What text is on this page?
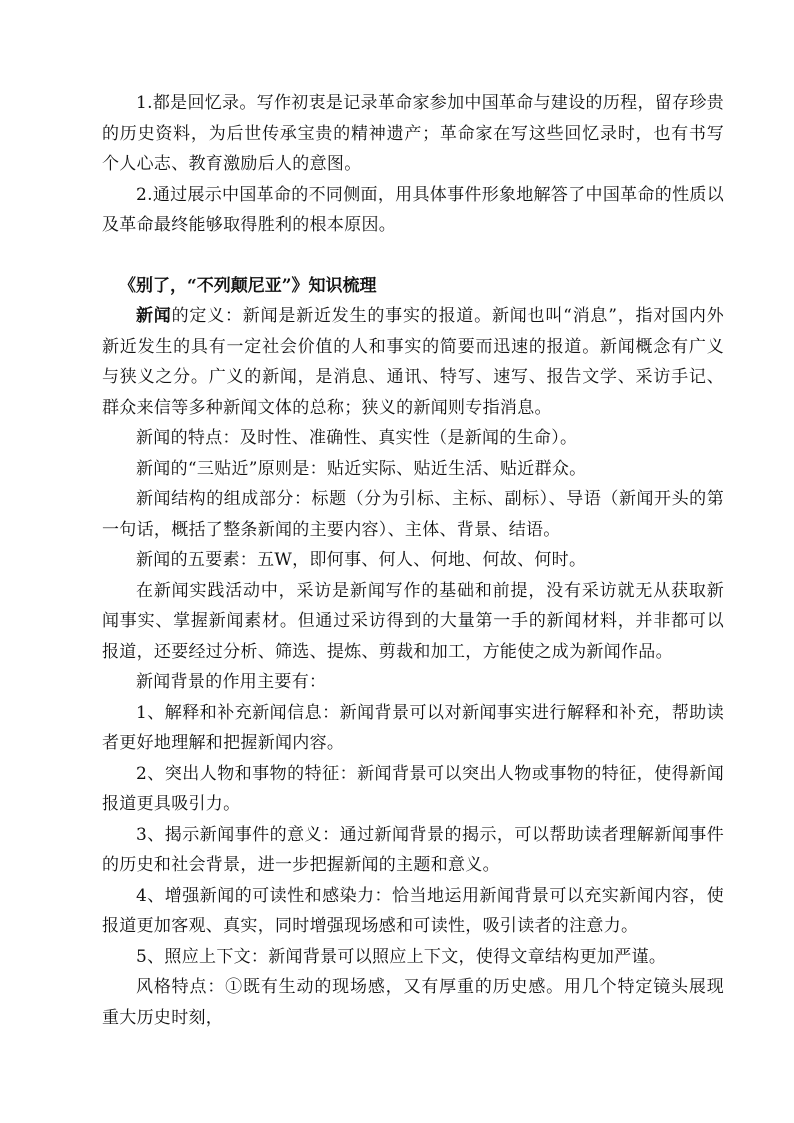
1.都是回忆录。写作初衷是记录革命家参加中国革命与建设的历程，留存珍贵的历史资料，为后世传承宝贵的精神遗产；革命家在写这些回忆录时，也有书写个人心志、教育激励后人的意图。

2.通过展示中国革命的不同侧面，用具体事件形象地解答了中国革命的性质以及革命最终能够取得胜利的根本原因。

《别了，“不列颠尼亚”》知识梳理

新闻的定义：新闻是新近发生的事实的报道。新闻也叫“消息”，指对国内外新近发生的具有一定社会价值的人和事实的简要而迅速的报道。新闻概念有广义与狭义之分。广义的新闻，是消息、通讯、特写、速写、报告文学、采访手记、群众来信等多种新闻文体的总称；狭义的新闻则专指消息。

新闻的特点：及时性、准确性、真实性（是新闻的生命）。

新闻的“三贴近”原则是：贴近实际、贴近生活、贴近群众。

新闻结构的组成部分：标题（分为引标、主标、副标）、导语（新闻开头的第一句话，概括了整条新闻的主要内容）、主体、背景、结语。

新闻的五要素：五W，即何事、何人、何地、何故、何时。

在新闻实践活动中，采访是新闻写作的基础和前提，没有采访就无从获取新闻事实、掌握新闻素材。但通过采访得到的大量第一手的新闻材料，并非都可以报道，还要经过分析、筛选、提炼、剪裁和加工，方能使之成为新闻作品。

新闻背景的作用主要有：

1、解释和补充新闻信息：新闻背景可以对新闻事实进行解释和补充，帮助读者更好地理解和把握新闻内容。

2、突出人物和事物的特征：新闻背景可以突出人物或事物的特征，使得新闻报道更具吸引力。

3、揭示新闻事件的意义：通过新闻背景的揭示，可以帮助读者理解新闻事件的历史和社会背景，进一步把握新闻的主题和意义。

4、增强新闻的可读性和感染力：恰当地运用新闻背景可以充实新闻内容，使报道更加客观、真实，同时增强现场感和可读性，吸引读者的注意力。

5、照应上下文：新闻背景可以照应上下文，使得文章结构更加严谨。

风格特点：①既有生动的现场感，又有厚重的历史感。用几个特定镜头展现重大历史时刻，
